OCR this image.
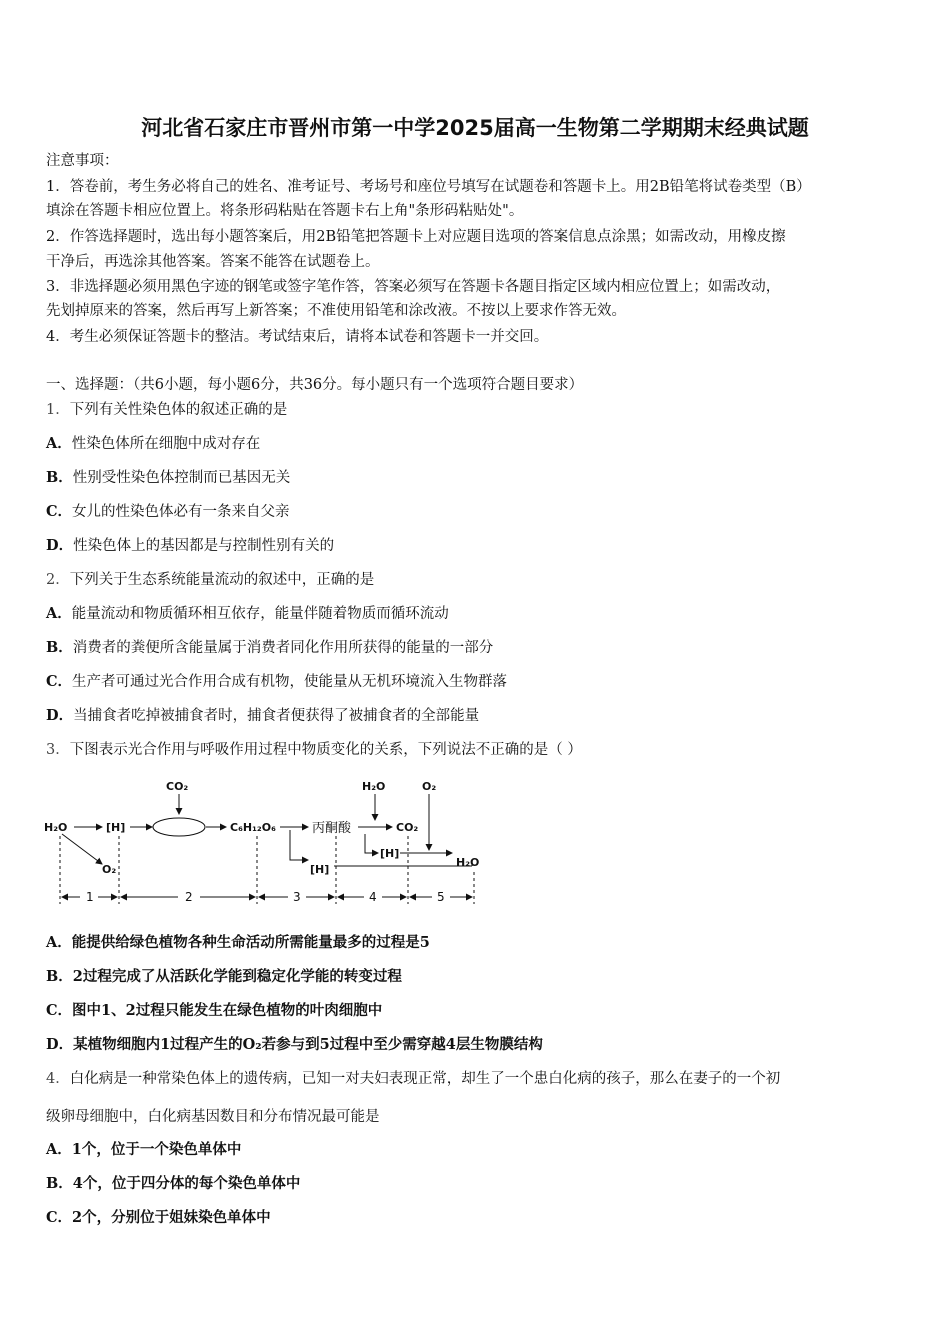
河北省石家庄市晋州市第一中学2025届高一生物第二学期期末经典试题
注意事项：
1．答卷前，考生务必将自己的姓名、准考证号、考场号和座位号填写在试题卷和答题卡上。用2B铅笔将试卷类型（B）
填涂在答题卡相应位置上。将条形码粘贴在答题卡右上角"条形码粘贴处"。
2．作答选择题时，选出每小题答案后，用2B铅笔把答题卡上对应题目选项的答案信息点涂黑；如需改动，用橡皮擦
干净后，再选涂其他答案。答案不能答在试题卷上。
3．非选择题必须用黑色字迹的钢笔或签字笔作答，答案必须写在答题卡各题目指定区域内相应位置上；如需改动，
先划掉原来的答案，然后再写上新答案；不准使用铅笔和涂改液。不按以上要求作答无效。
4．考生必须保证答题卡的整洁。考试结束后，请将本试卷和答题卡一并交回。
一、选择题：（共6小题，每小题6分，共36分。每小题只有一个选项符合题目要求）
1．下列有关性染色体的叙述正确的是
A．性染色体所在细胞中成对存在
B．性别受性染色体控制而已基因无关
C．女儿的性染色体必有一条来自父亲
D．性染色体上的基因都是与控制性别有关的
2．下列关于生态系统能量流动的叙述中，正确的是
A．能量流动和物质循环相互依存，能量伴随着物质而循环流动
B．消费者的粪便所含能量属于消费者同化作用所获得的能量的一部分
C．生产者可通过光合作用合成有机物，使能量从无机环境流入生物群落
D．当捕食者吃掉被捕食者时，捕食者便获得了被捕食者的全部能量
3．下图表示光合作用与呼吸作用过程中物质变化的关系，下列说法不正确的是（ ）
H₂O	[H]
CO₂
O₂
C₆H₁₂O₆	丙酮酸
H₂O	O₂
CO₂
[H]
[H]
H₂O
1	2	3	4	5
A．能提供给绿色植物各种生命活动所需能量最多的过程是5
B．2过程完成了从活跃化学能到稳定化学能的转变过程
C．图中1、2过程只能发生在绿色植物的叶肉细胞中
D．某植物细胞内1过程产生的O₂若参与到5过程中至少需穿越4层生物膜结构
4．白化病是一种常染色体上的遗传病，已知一对夫妇表现正常，却生了一个患白化病的孩子，那么在妻子的一个初
级卵母细胞中，白化病基因数目和分布情况最可能是
A．1个，位于一个染色单体中
B．4个，位于四分体的每个染色单体中
C．2个，分别位于姐妹染色单体中
